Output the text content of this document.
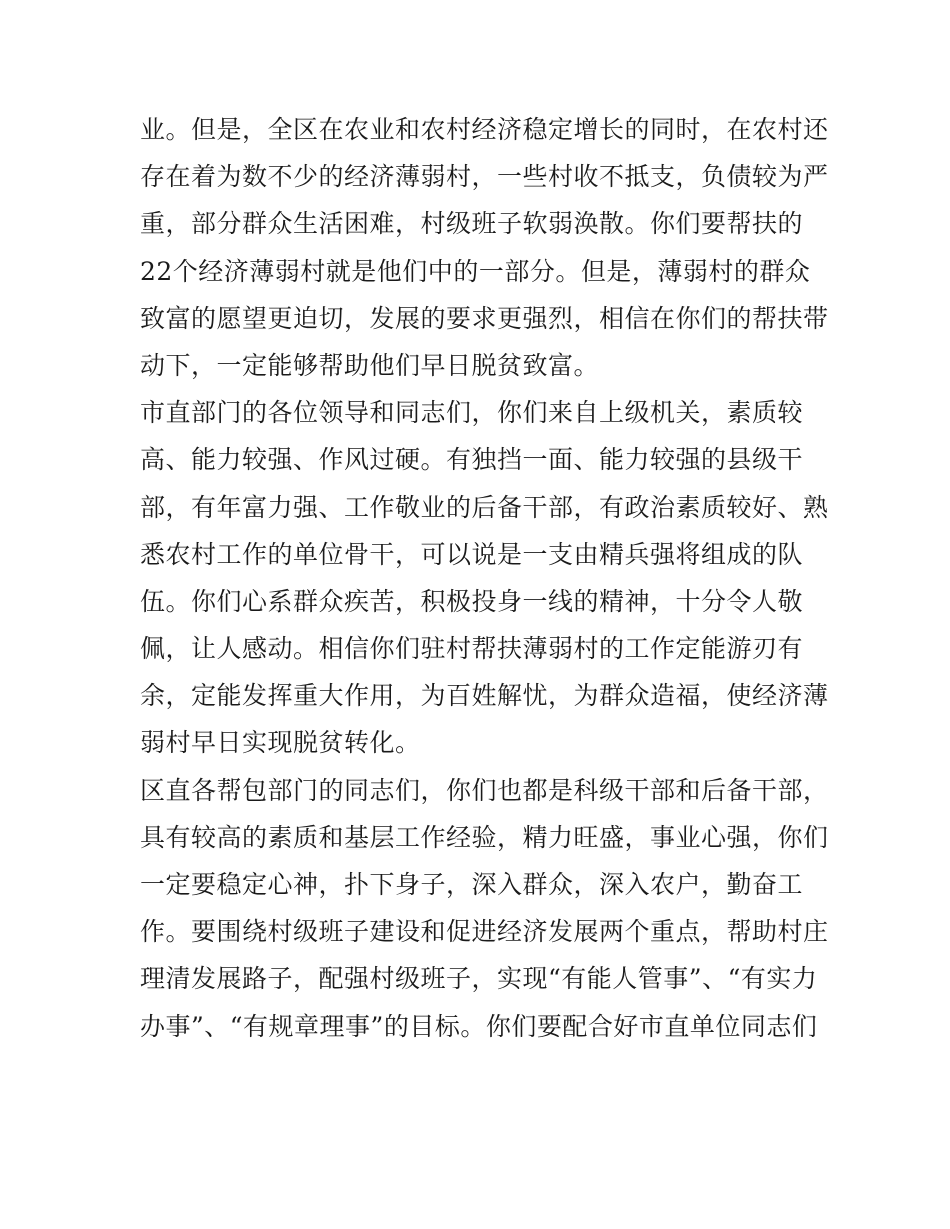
业。但是，全区在农业和农村经济稳定增长的同时，在农村还
存在着为数不少的经济薄弱村，一些村收不抵支，负债较为严
重，部分群众生活困难，村级班子软弱涣散。你们要帮扶的
22个经济薄弱村就是他们中的一部分。但是，薄弱村的群众
致富的愿望更迫切，发展的要求更强烈，相信在你们的帮扶带
动下，一定能够帮助他们早日脱贫致富。
市直部门的各位领导和同志们，你们来自上级机关，素质较
高、能力较强、作风过硬。有独挡一面、能力较强的县级干
部，有年富力强、工作敬业的后备干部，有政治素质较好、熟
悉农村工作的单位骨干，可以说是一支由精兵强将组成的队
伍。你们心系群众疾苦，积极投身一线的精神，十分令人敬
佩，让人感动。相信你们驻村帮扶薄弱村的工作定能游刃有
余，定能发挥重大作用，为百姓解忧，为群众造福，使经济薄
弱村早日实现脱贫转化。
区直各帮包部门的同志们，你们也都是科级干部和后备干部，
具有较高的素质和基层工作经验，精力旺盛，事业心强，你们
一定要稳定心神，扑下身子，深入群众，深入农户，勤奋工
作。要围绕村级班子建设和促进经济发展两个重点，帮助村庄
理清发展路子，配强村级班子，实现“有能人管事”、“有实力
办事”、“有规章理事”的目标。你们要配合好市直单位同志们
